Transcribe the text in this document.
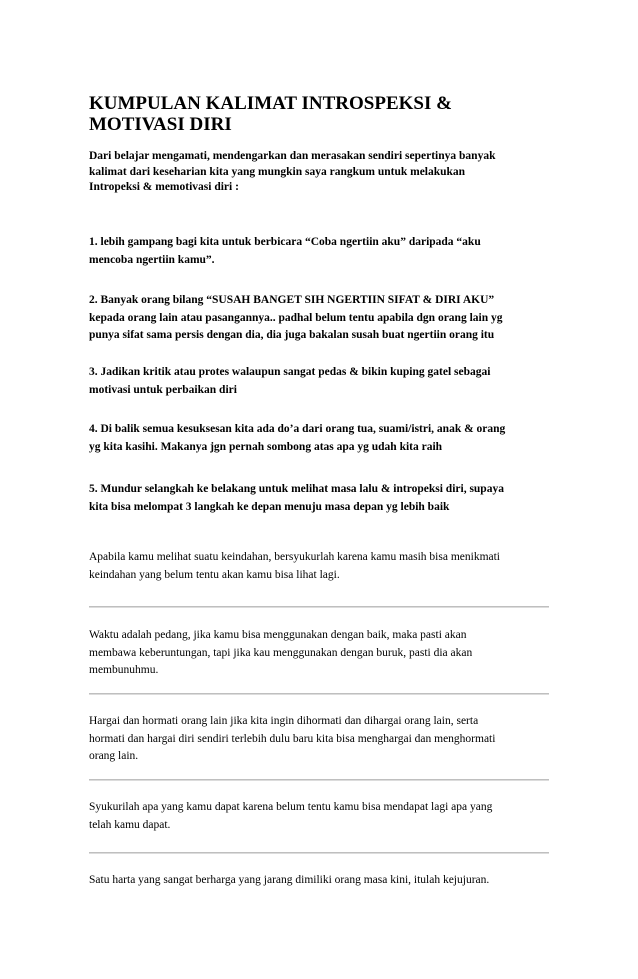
KUMPULAN KALIMAT INTROSPEKSI &
MOTIVASI DIRI

Dari belajar mengamati, mendengarkan dan merasakan sendiri sepertinya banyak
kalimat dari keseharian kita yang mungkin saya rangkum untuk melakukan
Intropeksi & memotivasi diri :

1. lebih gampang bagi kita untuk berbicara “Coba ngertiin aku” daripada “aku
mencoba ngertiin kamu”.

2. Banyak orang bilang “SUSAH BANGET SIH NGERTIIN SIFAT & DIRI AKU”
kepada orang lain atau pasangannya.. padhal belum tentu apabila dgn orang lain yg
punya sifat sama persis dengan dia, dia juga bakalan susah buat ngertiin orang itu

3. Jadikan kritik atau protes walaupun sangat pedas & bikin kuping gatel sebagai
motivasi untuk perbaikan diri

4. Di balik semua kesuksesan kita ada do’a dari orang tua, suami/istri, anak & orang
yg kita kasihi. Makanya jgn pernah sombong atas apa yg udah kita raih

5. Mundur selangkah ke belakang untuk melihat masa lalu & intropeksi diri, supaya
kita bisa melompat 3 langkah ke depan menuju masa depan yg lebih baik

Apabila kamu melihat suatu keindahan, bersyukurlah karena kamu masih bisa menikmati
keindahan yang belum tentu akan kamu bisa lihat lagi.

Waktu adalah pedang, jika kamu bisa menggunakan dengan baik, maka pasti akan
membawa keberuntungan, tapi jika kau menggunakan dengan buruk, pasti dia akan
membunuhmu.

Hargai dan hormati orang lain jika kita ingin dihormati dan dihargai orang lain, serta
hormati dan hargai diri sendiri terlebih dulu baru kita bisa menghargai dan menghormati
orang lain.

Syukurilah apa yang kamu dapat karena belum tentu kamu bisa mendapat lagi apa yang
telah kamu dapat.

Satu harta yang sangat berharga yang jarang dimiliki orang masa kini, itulah kejujuran.
